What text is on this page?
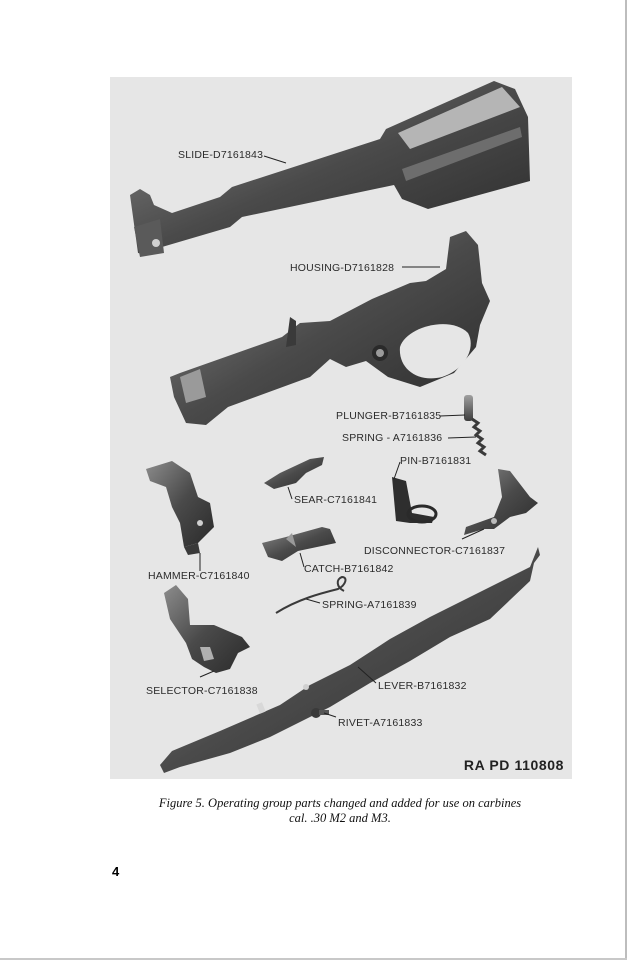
SLIDE-D7161843
HOUSING-D7161828
PLUNGER-B7161835
SPRING - A7161836
PIN-B7161831
SEAR-C7161841
DISCONNECTOR-C7161837
HAMMER-C7161840
CATCH-B7161842
SPRING-A7161839
SELECTOR-C7161838	LEVER-B7161832
RIVET-A7161833
RA PD 110808
Figure 5. Operating group parts changed and added for use on carbines
cal. .30 M2 and M3.
4
